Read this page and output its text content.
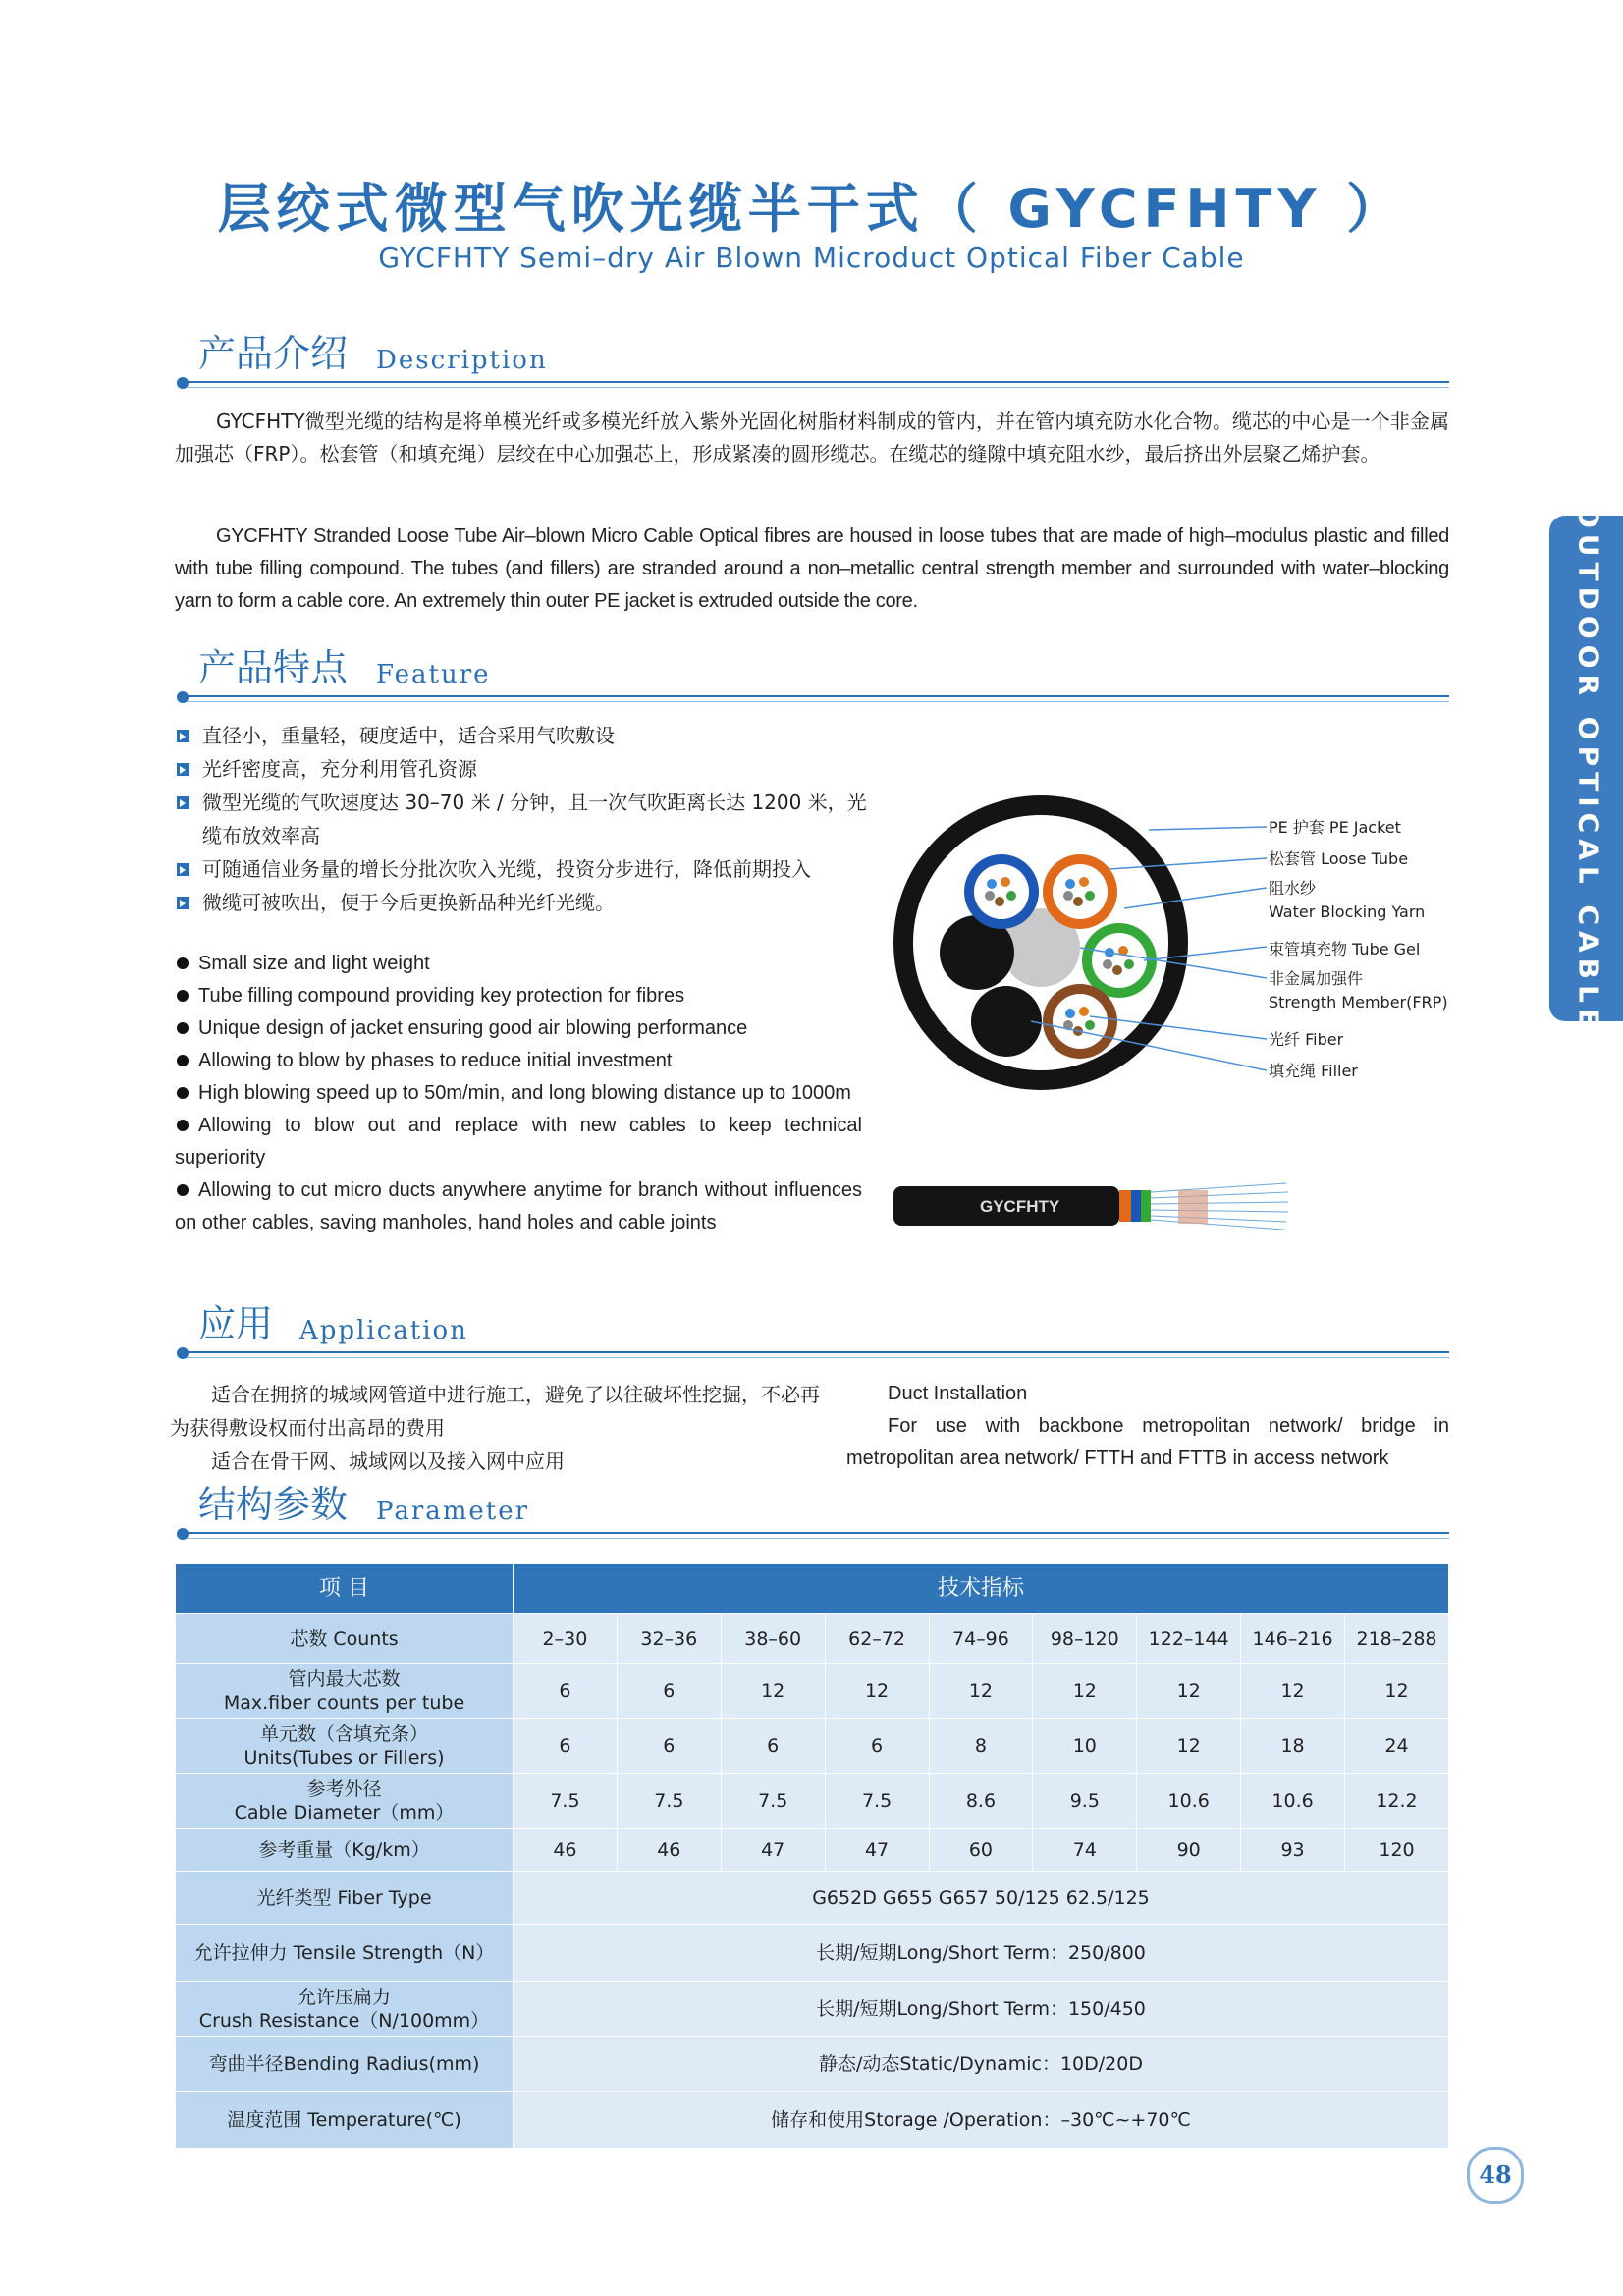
层绞式微型气吹光缆半干式（ GYCFHTY ）
GYCFHTY Semi–dry Air Blown Microduct Optical Fiber Cable
产品介绍 Description
GYCFHTY微型光缆的结构是将单模光纤或多模光纤放入紫外光固化树脂材料制成的管内，并在管内填充防水化合物。缆芯的中心是一个非金属加强芯（FRP）。松套管（和填充绳）层绞在中心加强芯上，形成紧凑的圆形缆芯。在缆芯的缝隙中填充阻水纱，最后挤出外层聚乙烯护套。
GYCFHTY Stranded Loose Tube Air–blown Micro Cable Optical fibres are housed in loose tubes that are made of high–modulus plastic and filled with tube filling compound. The tubes (and fillers) are stranded around a non–metallic central strength member and surrounded with water–blocking yarn to form a cable core. An extremely thin outer PE jacket is extruded outside the core.
产品特点 Feature
直径小，重量轻，硬度适中，适合采用气吹敷设
光纤密度高，充分利用管孔资源
微型光缆的气吹速度达 30–70 米 / 分钟，且一次气吹距离长达 1200 米，光缆布放效率高
可随通信业务量的增长分批次吹入光缆，投资分步进行，降低前期投入
微缆可被吹出，便于今后更换新品种光纤光缆。
Small size and light weight
Tube filling compound providing key protection for fibres
Unique design of jacket ensuring good air blowing performance
Allowing to blow by phases to reduce initial investment
High blowing speed up to 50m/min, and long blowing distance up to 1000m
Allowing to blow out and replace with new cables to keep technical superiority
Allowing to cut micro ducts anywhere anytime for branch without influences on other cables, saving manholes, hand holes and cable joints
GYCFHTY
PE 护套 PE Jacket
松套管 Loose Tube
阻水纱
Water Blocking Yarn
束管填充物 Tube Gel
非金属加强件
Strength Member(FRP)
光纤 Fiber
填充绳 Filler
应用 Application
适合在拥挤的城域网管道中进行施工，避免了以往破坏性挖掘，不必再为获得敷设权而付出高昂的费用
适合在骨干网、城域网以及接入网中应用
Duct Installation
For use with backbone metropolitan network/ bridge in metropolitan area network/ FTTH and FTTB in access network
结构参数 Parameter
项 目	技术指标								
芯数 Counts	2–30	32–36	38–60	62–72	74–96	98–120	122–144	146–216	218–288

管内最大芯数
Max.fiber counts per tube	6	6	12	12	12	12	12	12	12

单元数（含填充条）
Units(Tubes or Fillers)	6	6	6	6	8	10	12	18	24

参考外径
Cable Diameter（mm）	7.5	7.5	7.5	7.5	8.6	9.5	10.6	10.6	12.2
参考重量（Kg/km）	46	46	47	47	60	74	90	93	120
光纤类型 Fiber Type	G652D G655 G657 50/125 62.5/125								
允许拉伸力 Tensile Strength（N）	长期/短期Long/Short Term：250/800								

允许压扁力
Crush Resistance（N/100mm）	长期/短期Long/Short Term：150/450								
弯曲半径Bending Radius(mm)	静态/动态Static/Dynamic：10D/20D								
温度范围 Temperature(℃)	储存和使用Storage /Operation：–30℃~+70℃								
OUTDOOR OPTICAL CABLE
48
